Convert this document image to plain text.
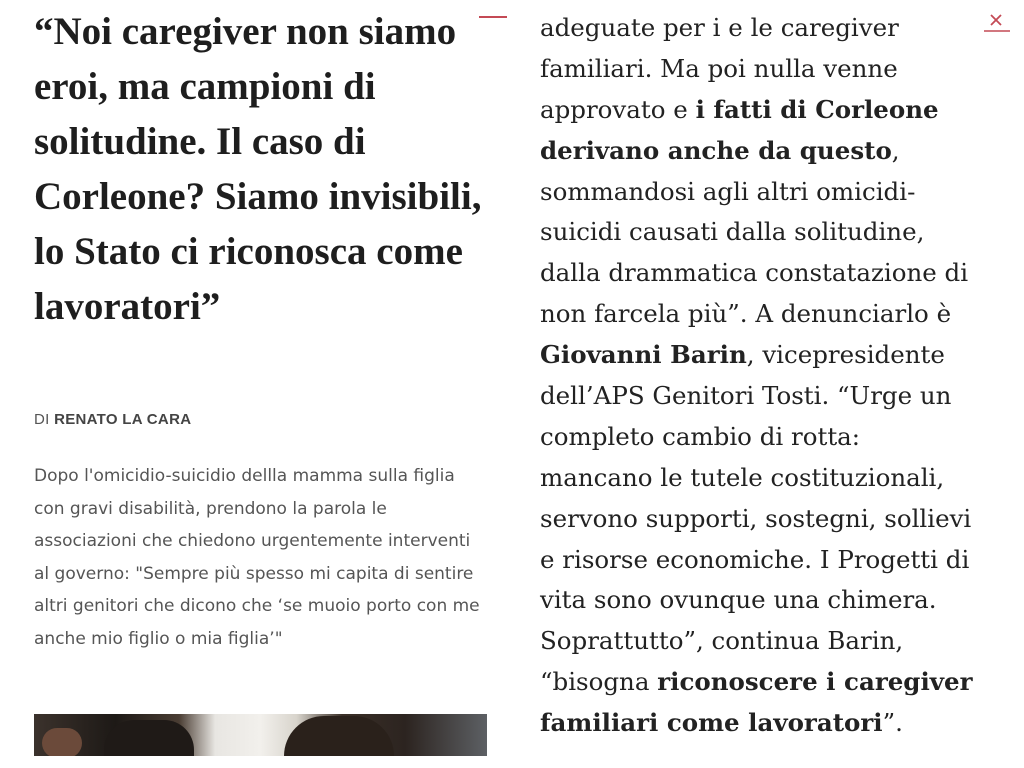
“Noi caregiver non siamo eroi, ma campioni di solitudine. Il caso di Corleone? Siamo invisibili, lo Stato ci riconosca come lavoratori”
DI RENATO LA CARA

Dopo l'omicidio-suicidio dellla mamma sulla figlia con gravi disabilità, prendono la parola le associazioni che chiedono urgentemente interventi al governo: "Sempre più spesso mi capita di sentire altri genitori che dicono che ‘se muoio porto con me anche mio figlio o mia figlia’"

adeguate per i e le caregiver
familiari. Ma poi nulla venne
approvato e i fatti di Corleone
derivano anche da questo,
sommandosi agli altri omicidi-
suicidi causati dalla solitudine,
dalla drammatica constatazione di
non farcela più”. A denunciarlo è
Giovanni Barin, vicepresidente
dell’APS Genitori Tosti. “Urge un
completo cambio di rotta:
mancano le tutele costituzionali,
servono supporti, sostegni, sollievi
e risorse economiche. I Progetti di
vita sono ovunque una chimera.
Soprattutto”, continua Barin,
“bisogna riconoscere i caregiver
familiari come lavoratori”.
